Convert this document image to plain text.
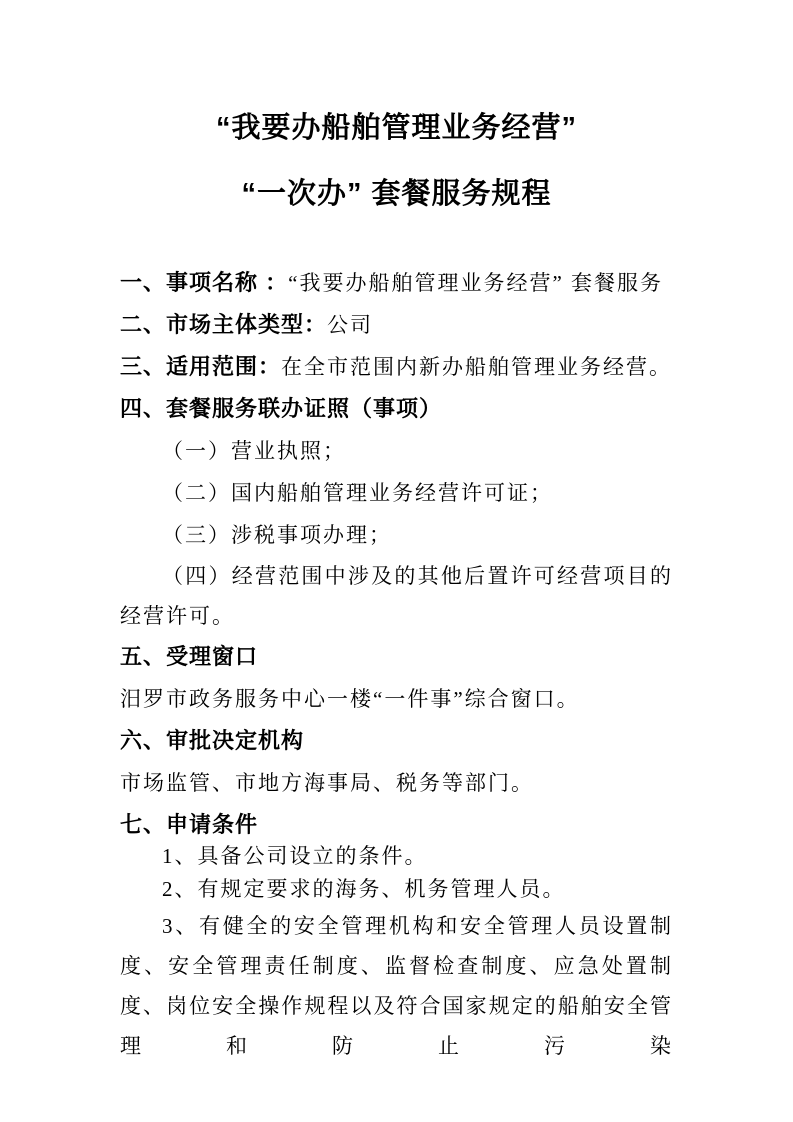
“我要办船舶管理业务经营”
“一次办” 套餐服务规程
一、事项名称 ：“我要办船舶管理业务经营” 套餐服务
二、市场主体类型：公司
三、适用范围：在全市范围内新办船舶管理业务经营。
四、套餐服务联办证照（事项）
（一）营业执照；
（二）国内船舶管理业务经营许可证；
（三）涉税事项办理；
（四）经营范围中涉及的其他后置许可经营项目的经营许可。
五、受理窗口
汨罗市政务服务中心一楼“一件事”综合窗口。
六、审批决定机构
市场监管、市地方海事局、税务等部门。
七、申请条件
1、具备公司设立的条件。
2、有规定要求的海务、机务管理人员。
3、有健全的安全管理机构和安全管理人员设置制度、安全管理责任制度、监督检查制度、应急处置制度、岗位安全操作规程以及符合国家规定的船舶安全管理和防止污染
